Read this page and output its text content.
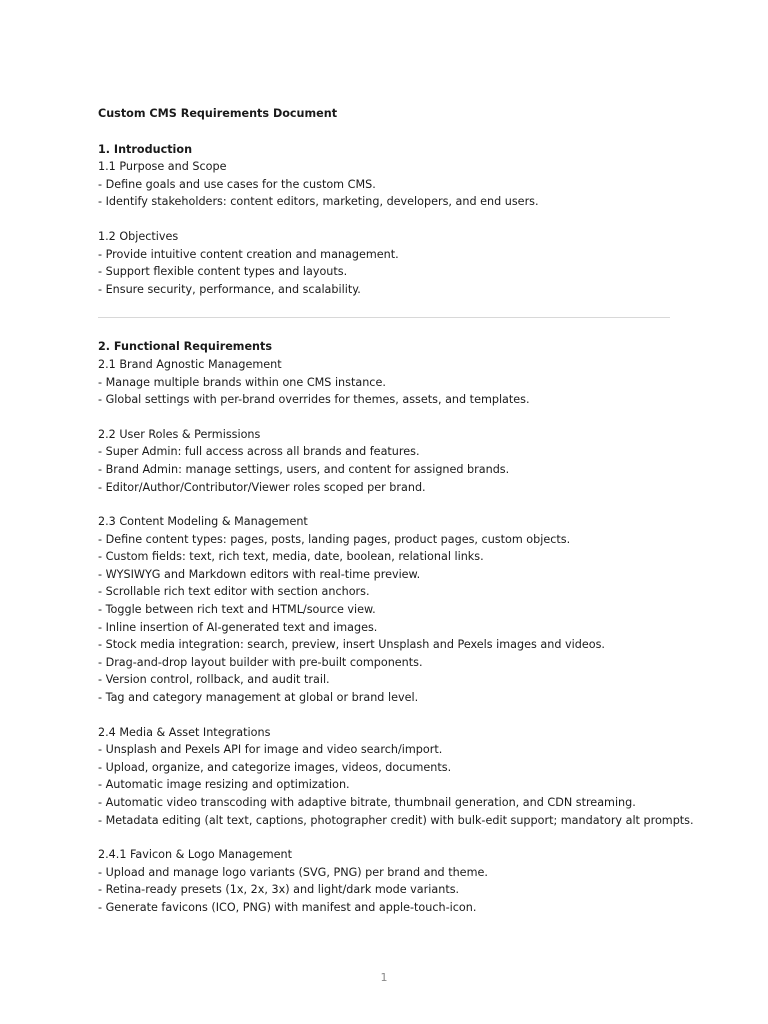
Custom CMS Requirements Document
1. Introduction
1.1 Purpose and Scope
- Define goals and use cases for the custom CMS.
- Identify stakeholders: content editors, marketing, developers, and end users.
1.2 Objectives
- Provide intuitive content creation and management.
- Support flexible content types and layouts.
- Ensure security, performance, and scalability.
2. Functional Requirements
2.1 Brand Agnostic Management
- Manage multiple brands within one CMS instance.
- Global settings with per-brand overrides for themes, assets, and templates.
2.2 User Roles & Permissions
- Super Admin: full access across all brands and features.
- Brand Admin: manage settings, users, and content for assigned brands.
- Editor/Author/Contributor/Viewer roles scoped per brand.
2.3 Content Modeling & Management
- Define content types: pages, posts, landing pages, product pages, custom objects.
- Custom fields: text, rich text, media, date, boolean, relational links.
- WYSIWYG and Markdown editors with real-time preview.
- Scrollable rich text editor with section anchors.
- Toggle between rich text and HTML/source view.
- Inline insertion of AI-generated text and images.
- Stock media integration: search, preview, insert Unsplash and Pexels images and videos.
- Drag-and-drop layout builder with pre-built components.
- Version control, rollback, and audit trail.
- Tag and category management at global or brand level.
2.4 Media & Asset Integrations
- Unsplash and Pexels API for image and video search/import.
- Upload, organize, and categorize images, videos, documents.
- Automatic image resizing and optimization.
- Automatic video transcoding with adaptive bitrate, thumbnail generation, and CDN streaming.
- Metadata editing (alt text, captions, photographer credit) with bulk-edit support; mandatory alt prompts.
2.4.1 Favicon & Logo Management
- Upload and manage logo variants (SVG, PNG) per brand and theme.
- Retina-ready presets (1x, 2x, 3x) and light/dark mode variants.
- Generate favicons (ICO, PNG) with manifest and apple-touch-icon.
1
